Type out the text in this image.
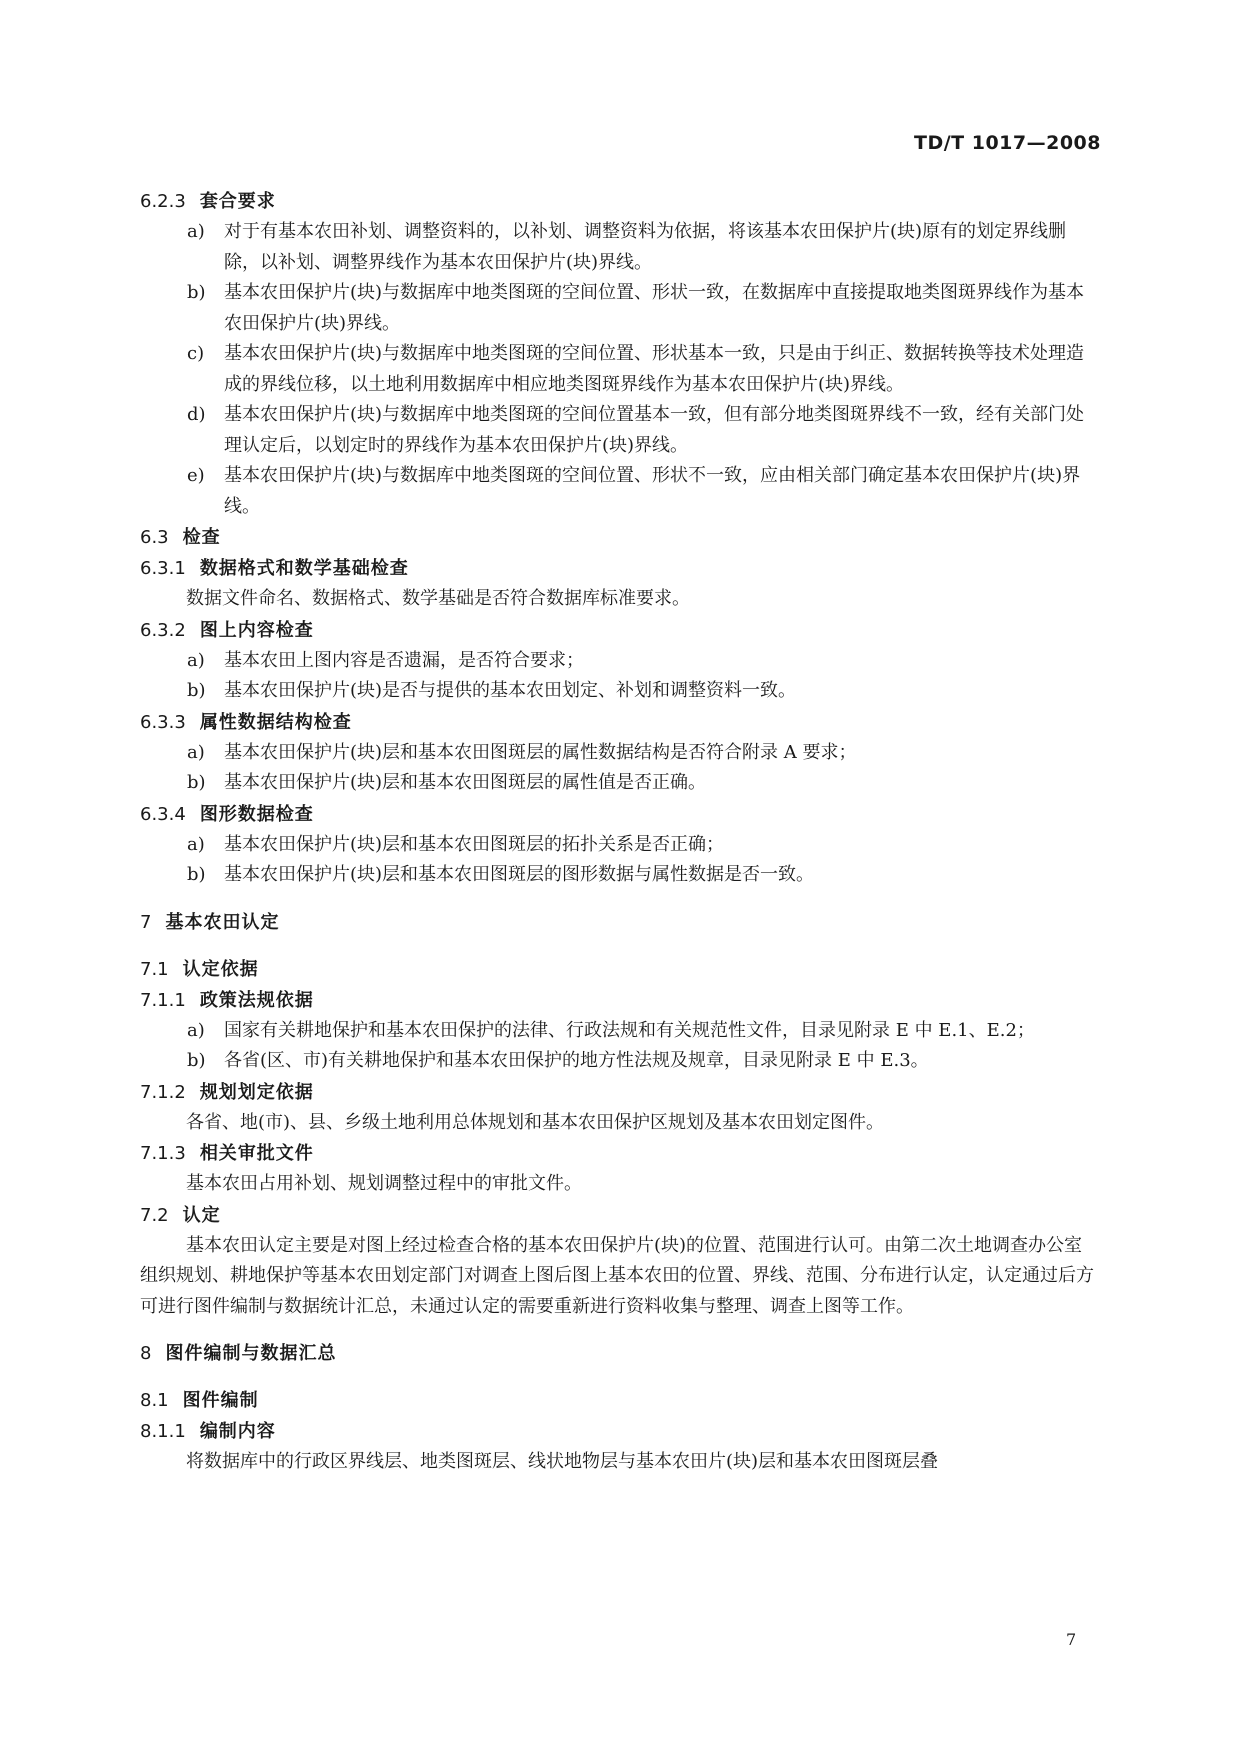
TD/T 1017—2008
6.2.3 套合要求
a) 对于有基本农田补划、调整资料的，以补划、调整资料为依据，将该基本农田保护片(块)原有的划定界线删除，以补划、调整界线作为基本农田保护片(块)界线。
b) 基本农田保护片(块)与数据库中地类图斑的空间位置、形状一致，在数据库中直接提取地类图斑界线作为基本农田保护片(块)界线。
c) 基本农田保护片(块)与数据库中地类图斑的空间位置、形状基本一致，只是由于纠正、数据转换等技术处理造成的界线位移，以土地利用数据库中相应地类图斑界线作为基本农田保护片(块)界线。
d) 基本农田保护片(块)与数据库中地类图斑的空间位置基本一致，但有部分地类图斑界线不一致，经有关部门处理认定后，以划定时的界线作为基本农田保护片(块)界线。
e) 基本农田保护片(块)与数据库中地类图斑的空间位置、形状不一致，应由相关部门确定基本农田保护片(块)界线。
6.3 检查
6.3.1 数据格式和数学基础检查
数据文件命名、数据格式、数学基础是否符合数据库标准要求。
6.3.2 图上内容检查
a) 基本农田上图内容是否遗漏，是否符合要求；
b) 基本农田保护片(块)是否与提供的基本农田划定、补划和调整资料一致。
6.3.3 属性数据结构检查
a) 基本农田保护片(块)层和基本农田图斑层的属性数据结构是否符合附录 A 要求；
b) 基本农田保护片(块)层和基本农田图斑层的属性值是否正确。
6.3.4 图形数据检查
a) 基本农田保护片(块)层和基本农田图斑层的拓扑关系是否正确；
b) 基本农田保护片(块)层和基本农田图斑层的图形数据与属性数据是否一致。
7 基本农田认定
7.1 认定依据
7.1.1 政策法规依据
a) 国家有关耕地保护和基本农田保护的法律、行政法规和有关规范性文件，目录见附录 E 中 E.1、E.2；
b) 各省(区、市)有关耕地保护和基本农田保护的地方性法规及规章，目录见附录 E 中 E.3。
7.1.2 规划划定依据
各省、地(市)、县、乡级土地利用总体规划和基本农田保护区规划及基本农田划定图件。
7.1.3 相关审批文件
基本农田占用补划、规划调整过程中的审批文件。
7.2 认定
基本农田认定主要是对图上经过检查合格的基本农田保护片(块)的位置、范围进行认可。由第二次土地调查办公室组织规划、耕地保护等基本农田划定部门对调查上图后图上基本农田的位置、界线、范围、分布进行认定，认定通过后方可进行图件编制与数据统计汇总，未通过认定的需要重新进行资料收集与整理、调查上图等工作。
8 图件编制与数据汇总
8.1 图件编制
8.1.1 编制内容
将数据库中的行政区界线层、地类图斑层、线状地物层与基本农田片(块)层和基本农田图斑层叠
7
